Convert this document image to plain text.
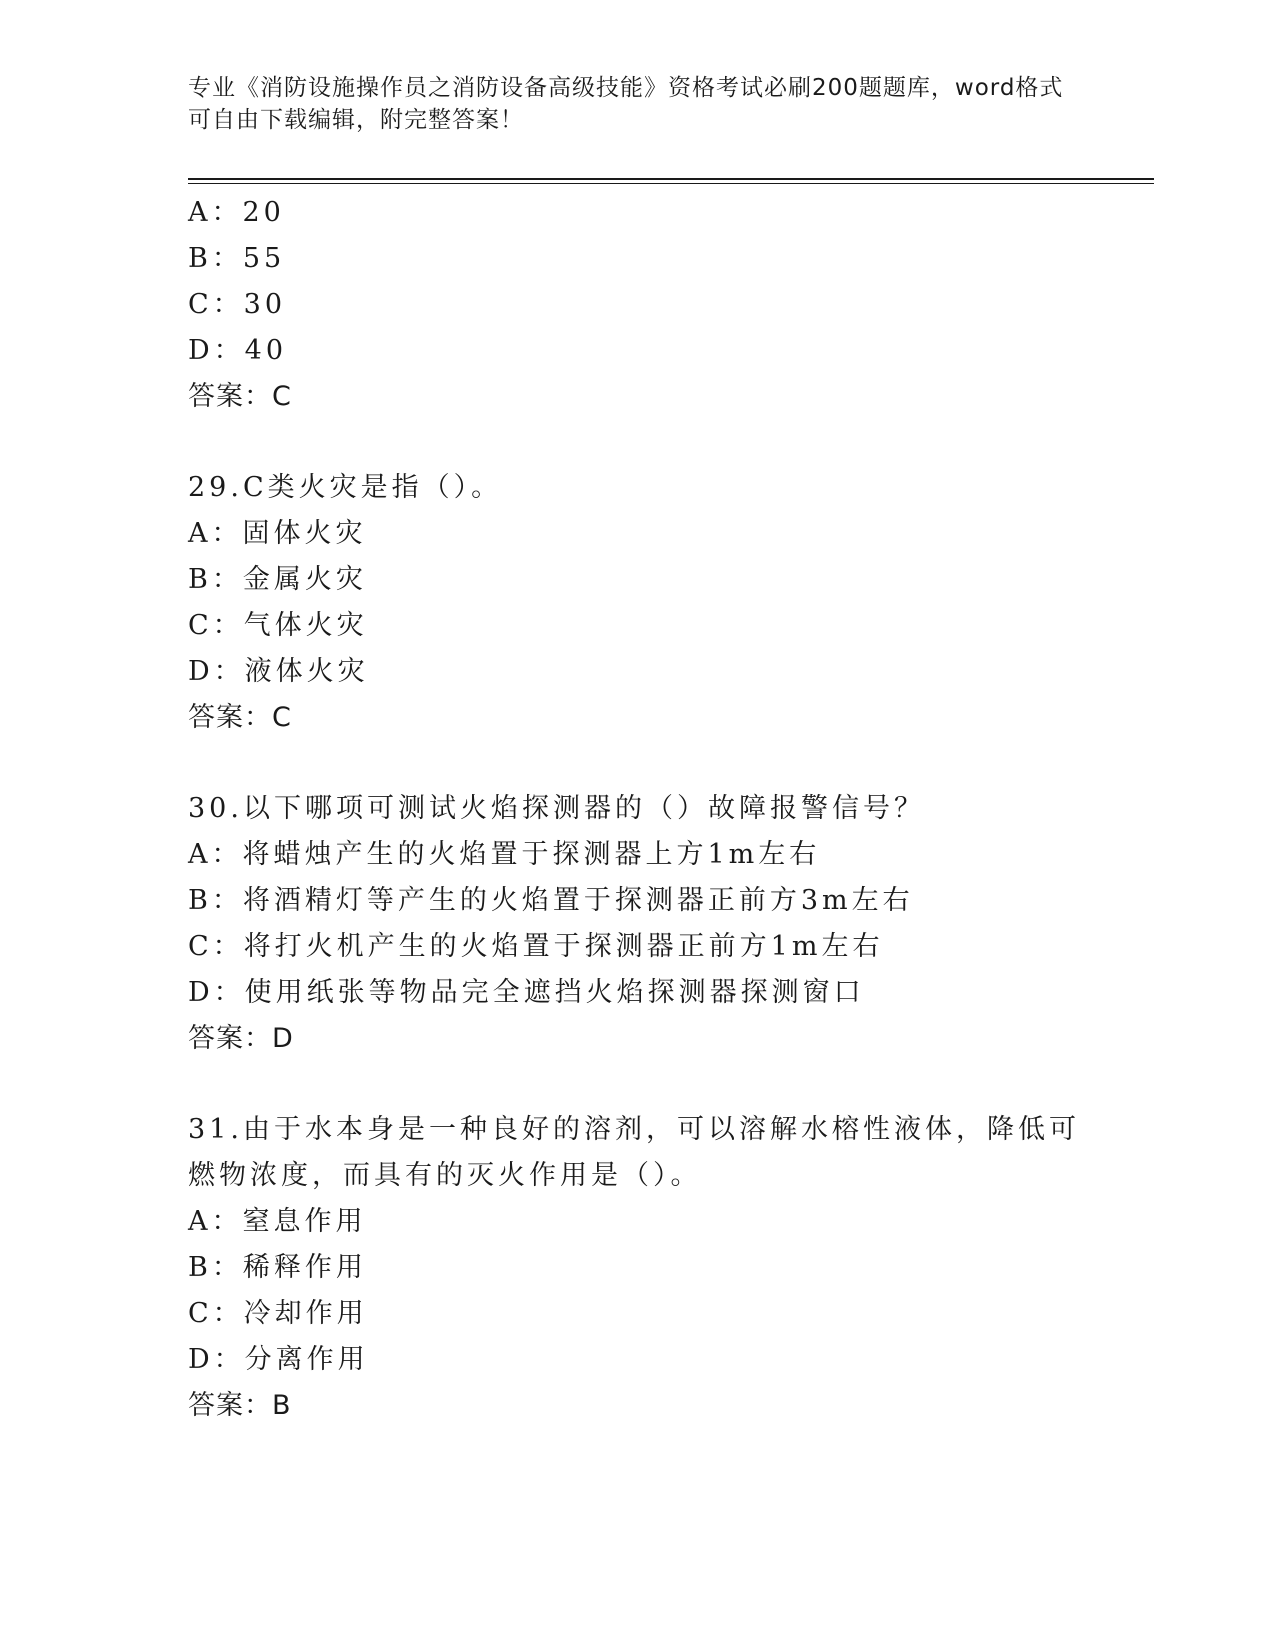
专业《消防设施操作员之消防设备高级技能》资格考试必刷200题题库，word格式可自由下载编辑，附完整答案！
A：20
B：55
C：30
D：40
答案：C
29.C类火灾是指（）。
A：固体火灾
B：金属火灾
C：气体火灾
D：液体火灾
答案：C
30.以下哪项可测试火焰探测器的（）故障报警信号？
A：将蜡烛产生的火焰置于探测器上方1m左右
B：将酒精灯等产生的火焰置于探测器正前方3m左右
C：将打火机产生的火焰置于探测器正前方1m左右
D：使用纸张等物品完全遮挡火焰探测器探测窗口
答案：D
31.由于水本身是一种良好的溶剂，可以溶解水榕性液体，降低可燃物浓度，而具有的灭火作用是（）。
A：窒息作用
B：稀释作用
C：冷却作用
D：分离作用
答案：B
